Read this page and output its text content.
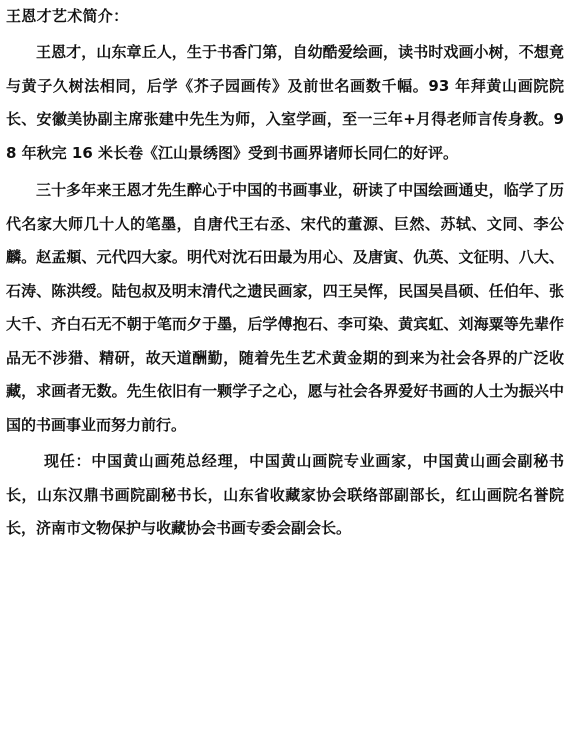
王恩才艺术简介：

王恩才，山东章丘人，生于书香门第，自幼酷爱绘画，读书时戏画小树，不想竟与黄子久树法相同，后学《芥子园画传》及前世名画数千幅。93 年拜黄山画院院长、安徽美协副主席张建中先生为师，入室学画，至一三年+月得老师言传身教。98 年秋完 16 米长卷《江山景绣图》受到书画界诸师长同仁的好评。

三十多年来王恩才先生醉心于中国的书画事业，研读了中国绘画通史，临学了历代名家大师几十人的笔墨，自唐代王右丞、宋代的董源、巨然、苏轼、文同、李公麟。赵孟頫、元代四大家。明代对沈石田最为用心、及唐寅、仇英、文征明、八大、石涛、陈洪绶。陆包叔及明末清代之遗民画家，四王吴恽，民国吴昌硕、任伯年、张大千、齐白石无不朝于笔而夕于墨，后学傅抱石、李可染、黄宾虹、刘海粟等先辈作品无不涉猎、精研，故天道酬勤，随着先生艺术黄金期的到来为社会各界的广泛收藏，求画者无数。先生依旧有一颗学子之心，愿与社会各界爱好书画的人士为振兴中国的书画事业而努力前行。

现任：中国黄山画苑总经理，中国黄山画院专业画家，中国黄山画会副秘书长，山东汉鼎书画院副秘书长，山东省收藏家协会联络部副部长，红山画院名誉院长，济南市文物保护与收藏协会书画专委会副会长。
